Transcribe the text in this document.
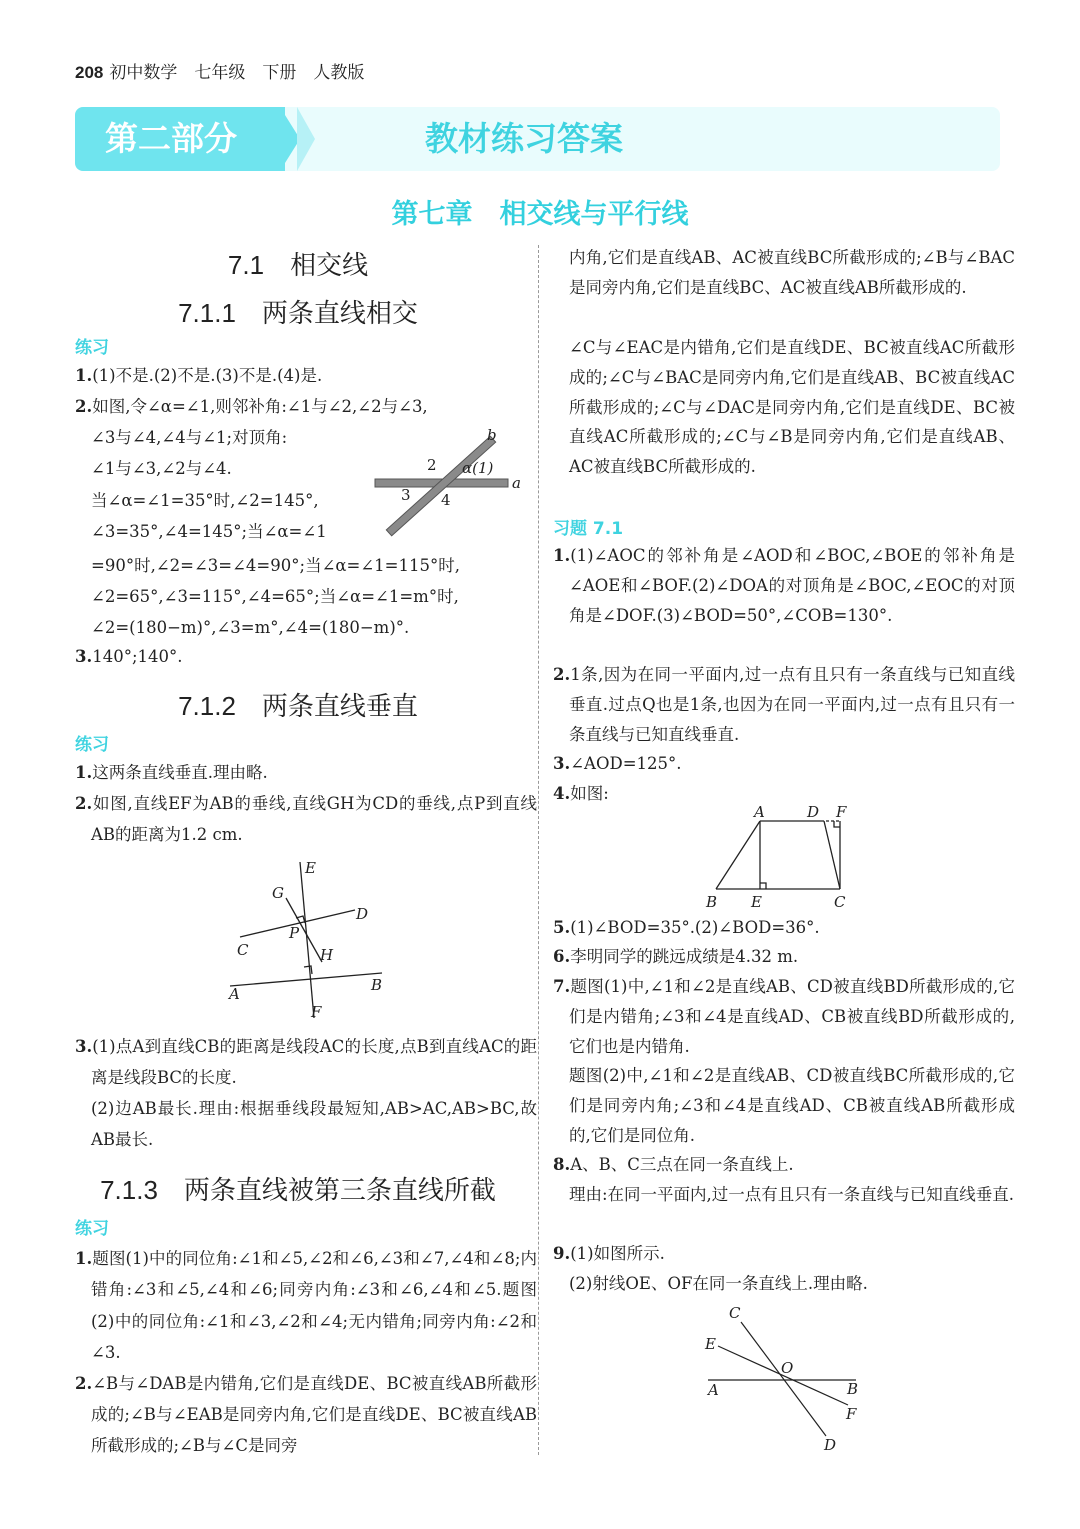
208 初中数学　七年级　下册　人教版
第二部分	教材练习答案
第七章　相交线与平行线
7.1　相交线
7.1.1　两条直线相交
练习

1.(1)不是.(2)不是.(3)不是.(4)是.

2.如图,令∠α=∠1,则邻补角:∠1与∠2,∠2与∠3,
∠3与∠4,∠4与∠1;对顶角:
∠1与∠3,∠2与∠4.
当∠α=∠1=35°时,∠2=145°,
∠3=35°,∠4=145°;当∠α=∠1
=90°时,∠2=∠3=∠4=90°;当∠α=∠1=115°时,
∠2=65°,∠3=115°,∠4=65°;当∠α=∠1=m°时,
∠2=(180−m)°,∠3=m°,∠4=(180−m)°.
b
2 α(1)
a
3 4

3.140°;140°.

7.1.2　两条直线垂直
练习

1.这两条直线垂直.理由略.

2.如图,直线EF为AB的垂线,直线GH为CD的垂线,点P到直线AB的距离为1.2 cm.

E
G
D
P
C	H
A	B
F

3.(1)点A到直线CB的距离是线段AC的长度,点B到直线AC的距离是线段BC的长度.

(2)边AB最长.理由:根据垂线段最短知,AB>AC,AB>BC,故AB最长.

7.1.3　两条直线被第三条直线所截
练习

1.题图(1)中的同位角:∠1和∠5,∠2和∠6,∠3和∠7,∠4和∠8;内错角:∠3和∠5,∠4和∠6;同旁内角:∠3和∠6,∠4和∠5.题图(2)中的同位角:∠1和∠3,∠2和∠4;无内错角;同旁内角:∠2和∠3.

2.∠B与∠DAB是内错角,它们是直线DE、BC被直线AB所截形成的;∠B与∠EAB是同旁内角,它们是直线DE、BC被直线AB所截形成的;∠B与∠C是同旁

内角,它们是直线AB、AC被直线BC所截形成的;∠B与∠BAC是同旁内角,它们是直线BC、AC被直线AB所截形成的.

∠C与∠EAC是内错角,它们是直线DE、BC被直线AC所截形成的;∠C与∠BAC是同旁内角,它们是直线AB、BC被直线AC所截形成的;∠C与∠DAC是同旁内角,它们是直线DE、BC被直线AC所截形成的;∠C与∠B是同旁内角,它们是直线AB、AC被直线BC所截形成的.

习题 7.1

1.(1)∠AOC的邻补角是∠AOD和∠BOC,∠BOE的邻补角是∠AOE和∠BOF.(2)∠DOA的对顶角是∠BOC,∠EOC的对顶角是∠DOF.(3)∠BOD=50°,∠COB=130°.

2.1条,因为在同一平面内,过一点有且只有一条直线与已知直线垂直.过点Q也是1条,也因为在同一平面内,过一点有且只有一条直线与已知直线垂直.

3.∠AOD=125°.

4.如图:

A	D F
B E	C

5.(1)∠BOD=35°.(2)∠BOD=36°.

6.李明同学的跳远成绩是4.32 m.

7.题图(1)中,∠1和∠2是直线AB、CD被直线BD所截形成的,它们是内错角;∠3和∠4是直线AD、CB被直线BD所截形成的,它们也是内错角.

题图(2)中,∠1和∠2是直线AB、CD被直线BC所截形成的,它们是同旁内角;∠3和∠4是直线AD、CB被直线AB所截形成的,它们是同位角.

8.A、B、C三点在同一条直线上.

理由:在同一平面内,过一点有且只有一条直线与已知直线垂直.

9.(1)如图所示.

(2)射线OE、OF在同一条直线上.理由略.

C
E
O
A	B
F
D
